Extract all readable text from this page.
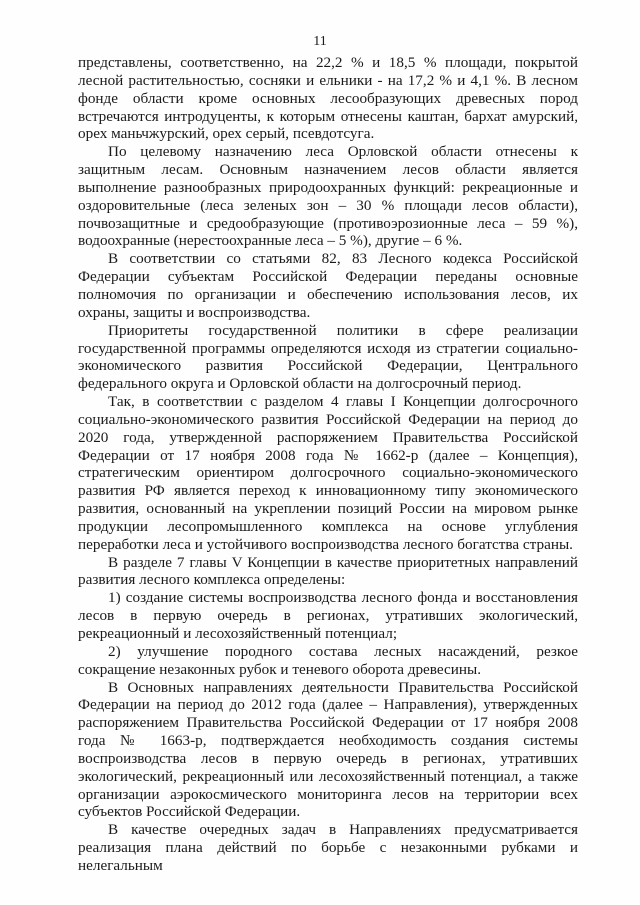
11

представлены, соответственно, на 22,2 % и 18,5 % площади, покрытой лесной растительностью, сосняки и ельники - на 17,2 % и 4,1 %. В лесном фонде области кроме основных лесообразующих древесных пород встречаются интродуценты, к которым отнесены каштан, бархат амурский, орех маньчжурский, орех серый, псевдотсуга.

По целевому назначению леса Орловской области отнесены к защитным лесам. Основным назначением лесов области является выполнение разнообразных природоохранных функций: рекреационные и оздоровительные (леса зеленых зон – 30 % площади лесов области), почвозащитные и средообразующие (противоэрозионные леса – 59 %), водоохранные (нерестоохранные леса – 5 %), другие – 6 %.

В соответствии со статьями 82, 83 Лесного кодекса Российской Федерации субъектам Российской Федерации переданы основные полномочия по организации и обеспечению использования лесов, их охраны, защиты и воспроизводства.

Приоритеты государственной политики в сфере реализации государственной программы определяются исходя из стратегии социально-экономического развития Российской Федерации, Центрального федерального округа и Орловской области на долгосрочный период.

Так, в соответствии с разделом 4 главы I Концепции долгосрочного социально-экономического развития Российской Федерации на период до 2020 года, утвержденной распоряжением Правительства Российской Федерации от 17 ноября 2008 года № 1662-р (далее – Концепция), стратегическим ориентиром долгосрочного социально-экономического развития РФ является переход к инновационному типу экономического развития, основанный на укреплении позиций России на мировом рынке продукции лесопромышленного комплекса на основе углубления переработки леса и устойчивого воспроизводства лесного богатства страны.

В разделе 7 главы V Концепции в качестве приоритетных направлений развития лесного комплекса определены:

1) создание системы воспроизводства лесного фонда и восстановления лесов в первую очередь в регионах, утративших экологический, рекреационный и лесохозяйственный потенциал;

2) улучшение породного состава лесных насаждений, резкое сокращение незаконных рубок и теневого оборота древесины.

В Основных направлениях деятельности Правительства Российской Федерации на период до 2012 года (далее – Направления), утвержденных распоряжением Правительства Российской Федерации от 17 ноября 2008 года № 1663-р, подтверждается необходимость создания системы воспроизводства лесов в первую очередь в регионах, утративших экологический, рекреационный или лесохозяйственный потенциал, а также организации аэрокосмического мониторинга лесов на территории всех субъектов Российской Федерации.

В качестве очередных задач в Направлениях предусматривается реализация плана действий по борьбе с незаконными рубками и нелегальным
